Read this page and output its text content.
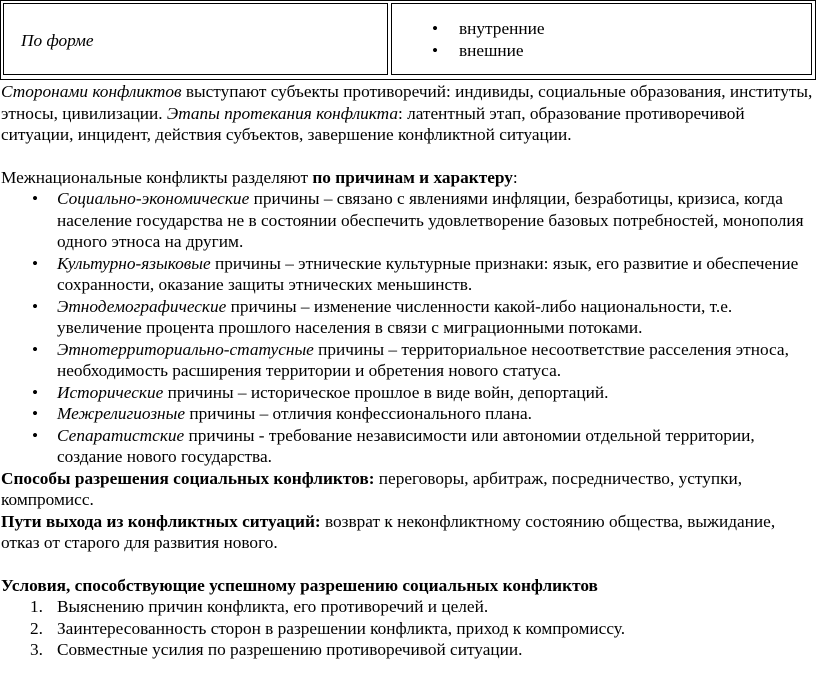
По форме
• внутренние
• внешние

Сторонами конфликтов выступают субъекты противоречий: индивиды, социальные образования, институты, этносы, цивилизации. Этапы протекания конфликта: латентный этап, образование противоречивой ситуации, инцидент, действия субъектов, завершение конфликтной ситуации.

Межнациональные конфликты разделяют по причинам и характеру:

• Социально-экономические причины – связано с явлениями инфляции, безработицы, кризиса, когда население государства не в состоянии обеспечить удовлетворение базовых потребностей, монополия одного этноса на другим.
• Культурно-языковые причины – этнические культурные признаки: язык, его развитие и обеспечение сохранности, оказание защиты этнических меньшинств.
• Этнодемографические причины – изменение численности какой-либо национальности, т.е. увеличение процента прошлого населения в связи с миграционными потоками.
• Этнотерриториально-статусные причины – территориальное несоответствие расселения этноса, необходимость расширения территории и обретения нового статуса.
• Исторические причины – историческое прошлое в виде войн, депортаций.
• Межрелигиозные причины – отличия конфессионального плана.
• Сепаратистские причины - требование независимости или автономии отдельной территории, создание нового государства.

Способы разрешения социальных конфликтов: переговоры, арбитраж, посредничество, уступки, компромисс.

Пути выхода из конфликтных ситуаций: возврат к неконфликтному состоянию общества, выжидание, отказ от старого для развития нового.

Условия, способствующие успешному разрешению социальных конфликтов

1. Выяснению причин конфликта, его противоречий и целей.
2. Заинтересованность сторон в разрешении конфликта, приход к компромиссу.
3. Совместные усилия по разрешению противоречивой ситуации.
